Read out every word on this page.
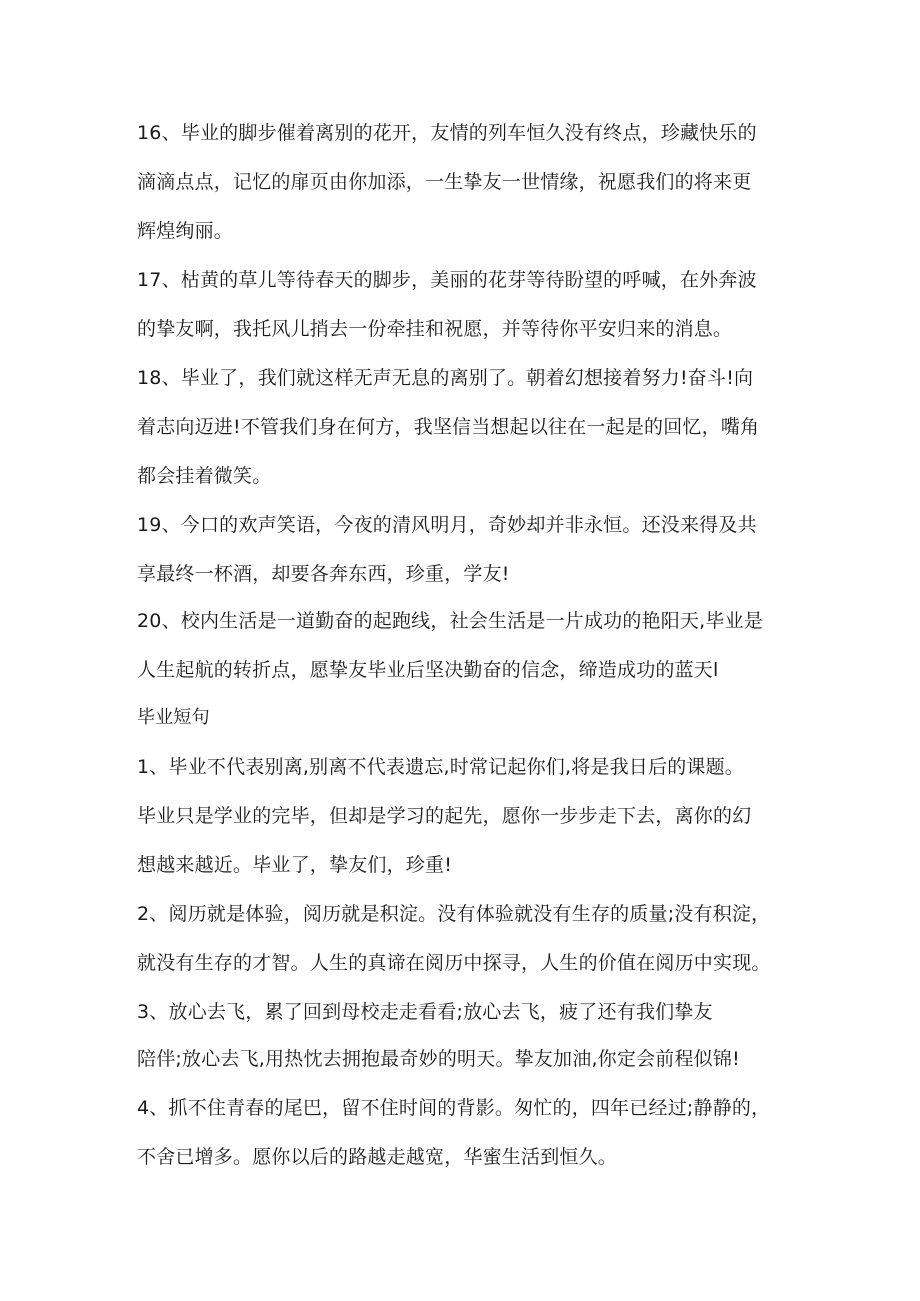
16、毕业的脚步催着离别的花开，友情的列车恒久没有终点，珍藏快乐的
滴滴点点，记忆的扉页由你加添，一生挚友一世情缘，祝愿我们的将来更
辉煌绚丽。
17、枯黄的草儿等待春天的脚步，美丽的花芽等待盼望的呼喊，在外奔波
的挚友啊，我托风儿捎去一份牵挂和祝愿，并等待你平安归来的消息。
18、毕业了，我们就这样无声无息的离别了。朝着幻想接着努力!奋斗!向
着志向迈进!不管我们身在何方，我坚信当想起以往在一起是的回忆，嘴角
都会挂着微笑。
19、今口的欢声笑语，今夜的清风明月，奇妙却并非永恒。还没来得及共
享最终一杯酒，却要各奔东西，珍重，学友!
20、校内生活是一道勤奋的起跑线，社会生活是一片成功的艳阳天,毕业是
人生起航的转折点，愿挚友毕业后坚决勤奋的信念，缔造成功的蓝天l
毕业短句
1、毕业不代表别离,别离不代表遗忘,时常记起你们,将是我日后的课题。
毕业只是学业的完毕，但却是学习的起先，愿你一步步走下去，离你的幻
想越来越近。毕业了，挚友们，珍重!
2、阅历就是体验，阅历就是积淀。没有体验就没有生存的质量;没有积淀，
就没有生存的才智。人生的真谛在阅历中探寻，人生的价值在阅历中实现。
3、放心去飞，累了回到母校走走看看;放心去飞，疲了还有我们挚友
陪伴;放心去飞,用热忱去拥抱最奇妙的明天。挚友加油,你定会前程似锦!
4、抓不住青春的尾巴，留不住时间的背影。匆忙的，四年已经过;静静的，
不舍已增多。愿你以后的路越走越宽，华蜜生活到恒久。
